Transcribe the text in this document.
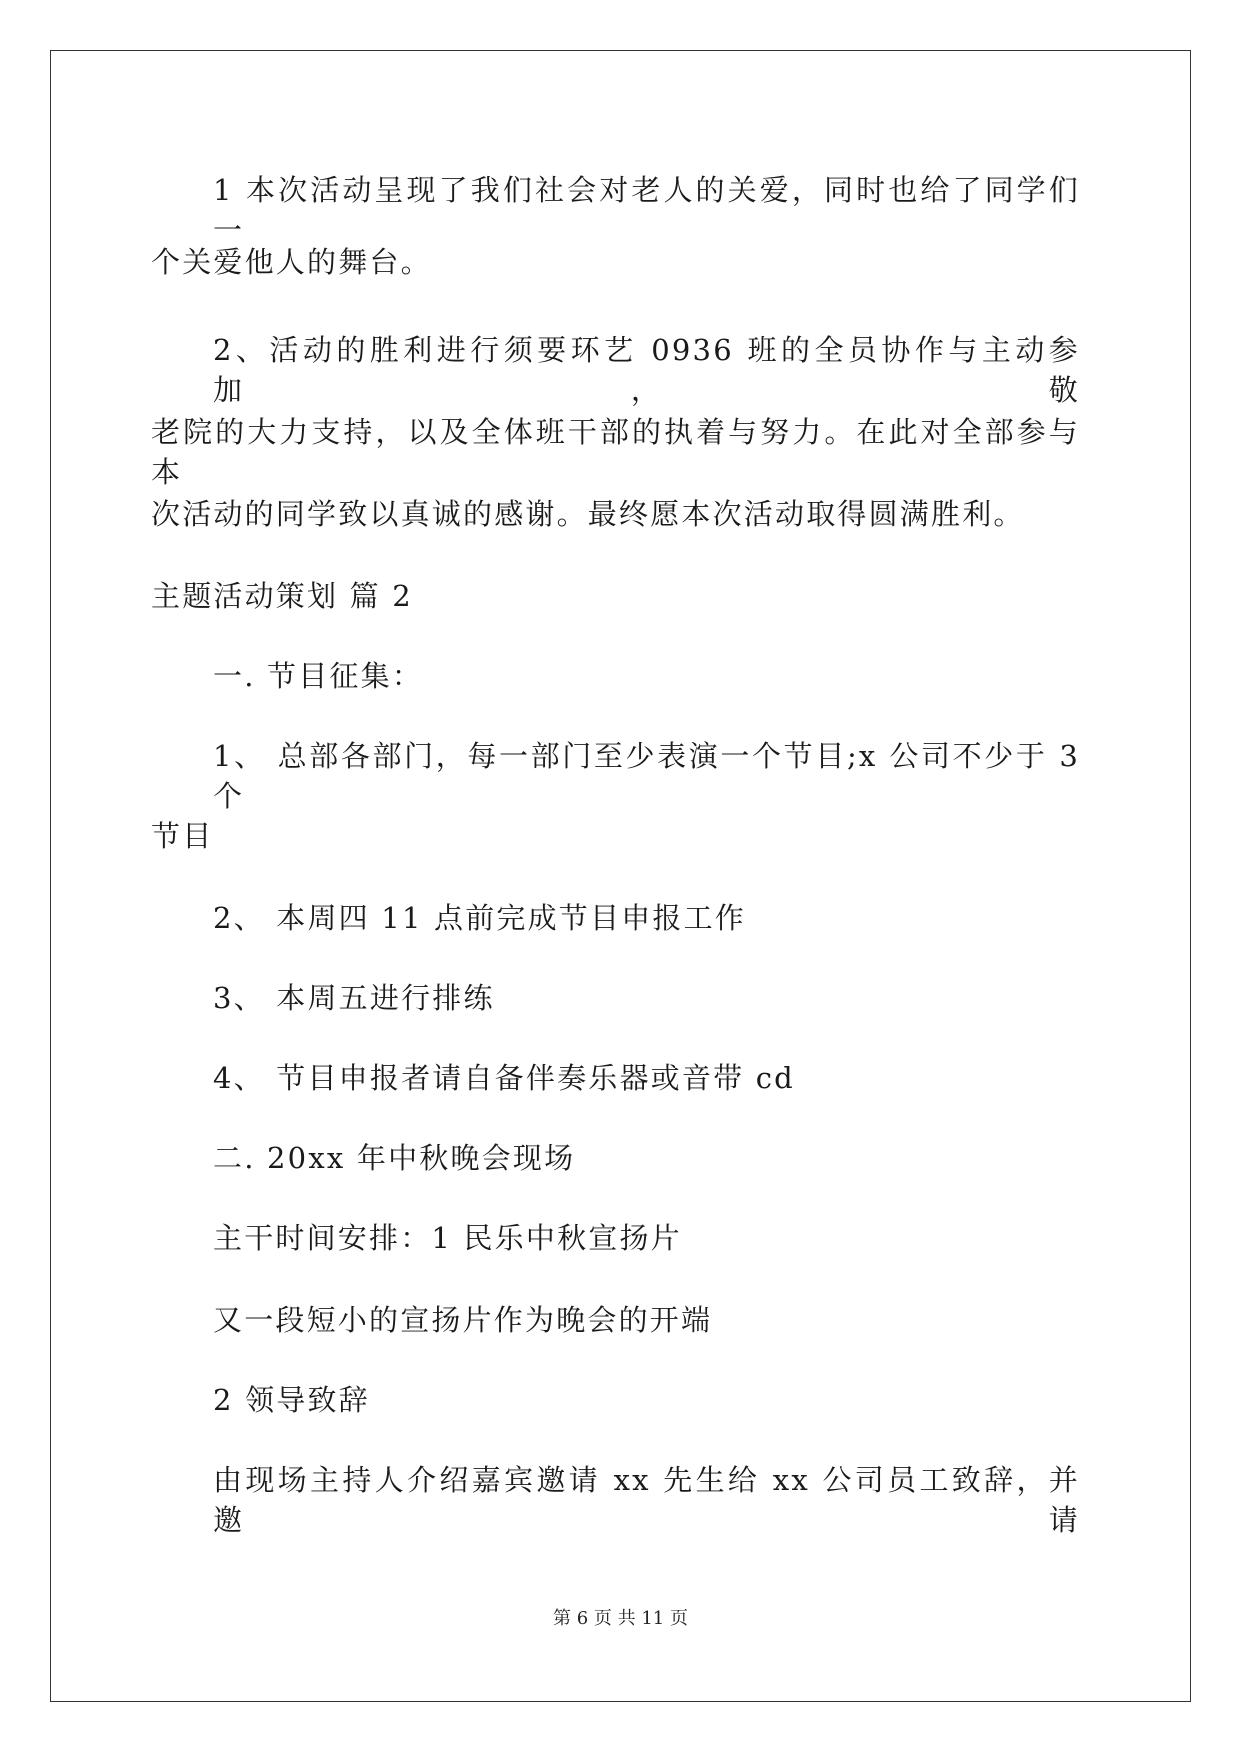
1 本次活动呈现了我们社会对老人的关爱，同时也给了同学们一
个关爱他人的舞台。
2、活动的胜利进行须要环艺 0936 班的全员协作与主动参加，敬
老院的大力支持，以及全体班干部的执着与努力。在此对全部参与本
次活动的同学致以真诚的感谢。最终愿本次活动取得圆满胜利。
主题活动策划 篇 2
一. 节目征集：
1、 总部各部门，每一部门至少表演一个节目;x 公司不少于 3 个
节目
2、 本周四 11 点前完成节目申报工作
3、 本周五进行排练
4、 节目申报者请自备伴奏乐器或音带 cd
二. 20xx 年中秋晚会现场
主干时间安排：1 民乐中秋宣扬片
又一段短小的宣扬片作为晚会的开端
2 领导致辞
由现场主持人介绍嘉宾邀请 xx 先生给 xx 公司员工致辞，并邀请
第 6 页 共 11 页
